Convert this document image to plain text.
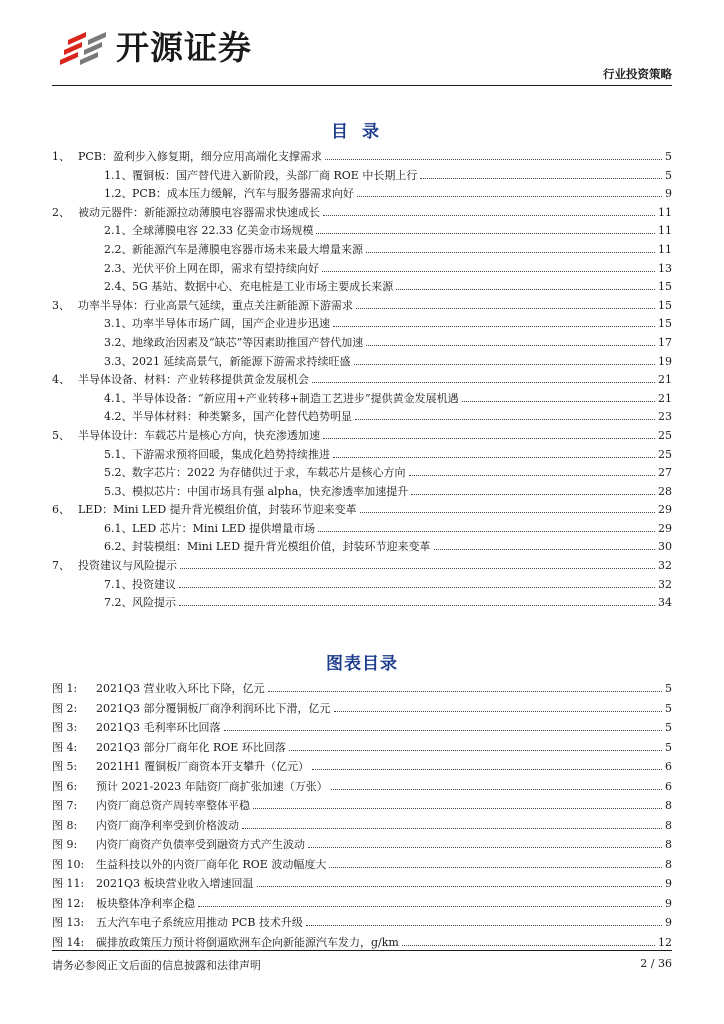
开源证券
行业投资策略
目录
1、 PCB：盈利步入修复期，细分应用高端化支撑需求	5
1.1、 覆铜板：国产替代进入新阶段，头部厂商 ROE 中长期上行	5
1.2、 PCB：成本压力缓解，汽车与服务器需求向好	9
2、 被动元器件：新能源拉动薄膜电容器需求快速成长	11
2.1、 全球薄膜电容 22.33 亿美金市场规模	11
2.2、 新能源汽车是薄膜电容器市场未来最大增量来源	11
2.3、 光伏平价上网在即，需求有望持续向好	13
2.4、 5G 基站、数据中心、充电桩是工业市场主要成长来源	15
3、 功率半导体：行业高景气延续，重点关注新能源下游需求	15
3.1、 功率半导体市场广阔，国产企业进步迅速	15
3.2、 地缘政治因素及“缺芯”等因素助推国产替代加速	17
3.3、 2021 延续高景气，新能源下游需求持续旺盛	19
4、 半导体设备、材料：产业转移提供黄金发展机会	21
4.1、 半导体设备：“新应用+产业转移+制造工艺进步”提供黄金发展机遇	21
4.2、 半导体材料：种类繁多，国产化替代趋势明显	23
5、 半导体设计：车载芯片是核心方向，快充渗透加速	25
5.1、 下游需求预将回暖，集成化趋势持续推进	25
5.2、 数字芯片：2022 为存储供过于求，车载芯片是核心方向	27
5.3、 模拟芯片：中国市场具有强 alpha，快充渗透率加速提升	28
6、 LED：Mini LED 提升背光模组价值，封装环节迎来变革	29
6.1、 LED 芯片：Mini LED 提供增量市场	29
6.2、 封装模组：Mini LED 提升背光模组价值，封装环节迎来变革	30
7、 投资建议与风险提示	32
7.1、 投资建议	32
7.2、 风险提示	34
图表目录
图 1:	2021Q3 营业收入环比下降，亿元	5
图 2:	2021Q3 部分覆铜板厂商净利润环比下滑，亿元	5
图 3:	2021Q3 毛利率环比回落	5
图 4:	2021Q3 部分厂商年化 ROE 环比回落	5
图 5:	2021H1 覆铜板厂商资本开支攀升（亿元）	6
图 6:	预计 2021-2023 年陆资厂商扩张加速（万张）	6
图 7:	内资厂商总资产周转率整体平稳	8
图 8:	内资厂商净利率受到价格波动	8
图 9:	内资厂商资产负债率受到融资方式产生波动	8
图 10:	生益科技以外的内资厂商年化 ROE 波动幅度大	8
图 11:	2021Q3 板块营业收入增速回温	9
图 12:	板块整体净利率企稳	9
图 13:	五大汽车电子系统应用推动 PCB 技术升级	9
图 14:	碳排放政策压力预计将倒逼欧洲车企向新能源汽车发力，g/km	12
请务必参阅正文后面的信息披露和法律声明	2 / 36
